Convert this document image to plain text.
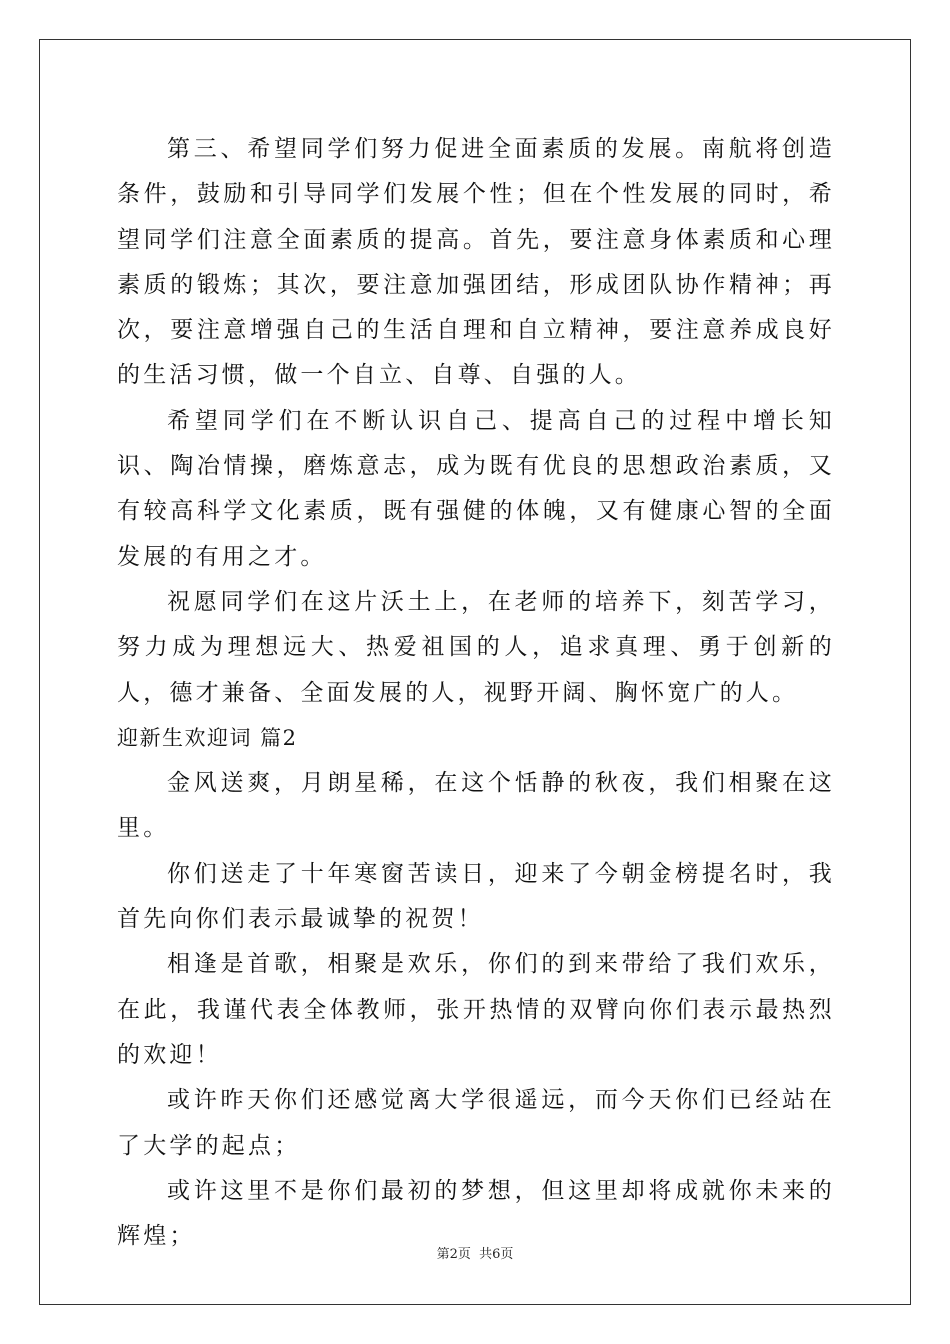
第三、希望同学们努力促进全面素质的发展。南航将创造条件，鼓励和引导同学们发展个性；但在个性发展的同时，希望同学们注意全面素质的提高。首先，要注意身体素质和心理素质的锻炼；其次，要注意加强团结，形成团队协作精神；再次，要注意增强自己的生活自理和自立精神，要注意养成良好的生活习惯，做一个自立、自尊、自强的人。

希望同学们在不断认识自己、提高自己的过程中增长知识、陶冶情操，磨炼意志，成为既有优良的思想政治素质，又有较高科学文化素质，既有强健的体魄，又有健康心智的全面发展的有用之才。

祝愿同学们在这片沃土上，在老师的培养下，刻苦学习，努力成为理想远大、热爱祖国的人，追求真理、勇于创新的人，德才兼备、全面发展的人，视野开阔、胸怀宽广的人。

迎新生欢迎词 篇2

金风送爽，月朗星稀，在这个恬静的秋夜，我们相聚在这里。

你们送走了十年寒窗苦读日，迎来了今朝金榜提名时，我首先向你们表示最诚挚的祝贺！

相逢是首歌，相聚是欢乐，你们的到来带给了我们欢乐，在此，我谨代表全体教师，张开热情的双臂向你们表示最热烈的欢迎！

或许昨天你们还感觉离大学很遥远，而今天你们已经站在了大学的起点；

或许这里不是你们最初的梦想，但这里却将成就你未来的辉煌；

第2页 共6页
